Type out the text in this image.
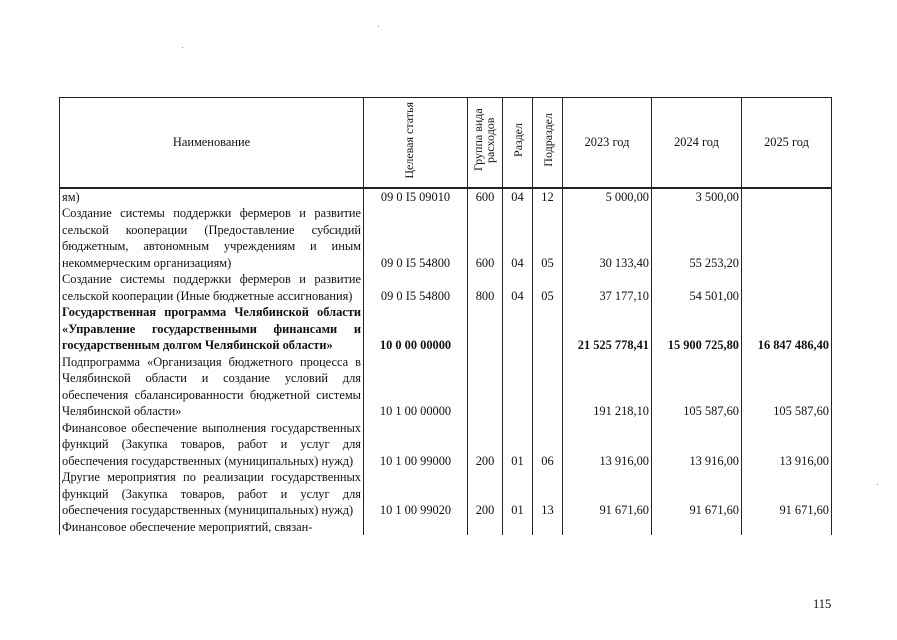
Наименование	Целевая статья	Группа вида расходов	Раздел	Подраздел	2023 год	2024 год	2025 год
ям)	09 0 I5 09010	600	04	12	5 000,00	3 500,00	
Создание системы поддержки фермеров и развитие сельской кооперации (Предоставление субсидий бюджетным, автономным учреждениям и иным некоммерческим организациям)	09 0 I5 54800	600	04	05	30 133,40	55 253,20	
Создание системы поддержки фермеров и развитие сельской кооперации (Иные бюджетные ассигнования)	09 0 I5 54800	800	04	05	37 177,10	54 501,00	
Государственная программа Челябинской области «Управление государственными финансами и государственным долгом Челябинской области»	10 0 00 00000				21 525 778,41	15 900 725,80	16 847 486,40
Подпрограмма «Организация бюджетного процесса в Челябинской области и создание условий для обеспечения сбалансированности бюджетной системы Челябинской области»	10 1 00 00000				191 218,10	105 587,60	105 587,60
Финансовое обеспечение выполнения государственных функций (Закупка товаров, работ и услуг для обеспечения государственных (муниципальных) нужд)	10 1 00 99000	200	01	06	13 916,00	13 916,00	13 916,00
Другие мероприятия по реализации государственных функций (Закупка товаров, работ и услуг для обеспечения государственных (муниципальных) нужд)	10 1 00 99020	200	01	13	91 671,60	91 671,60	91 671,60
Финансовое обеспечение мероприятий, связан-							
115
